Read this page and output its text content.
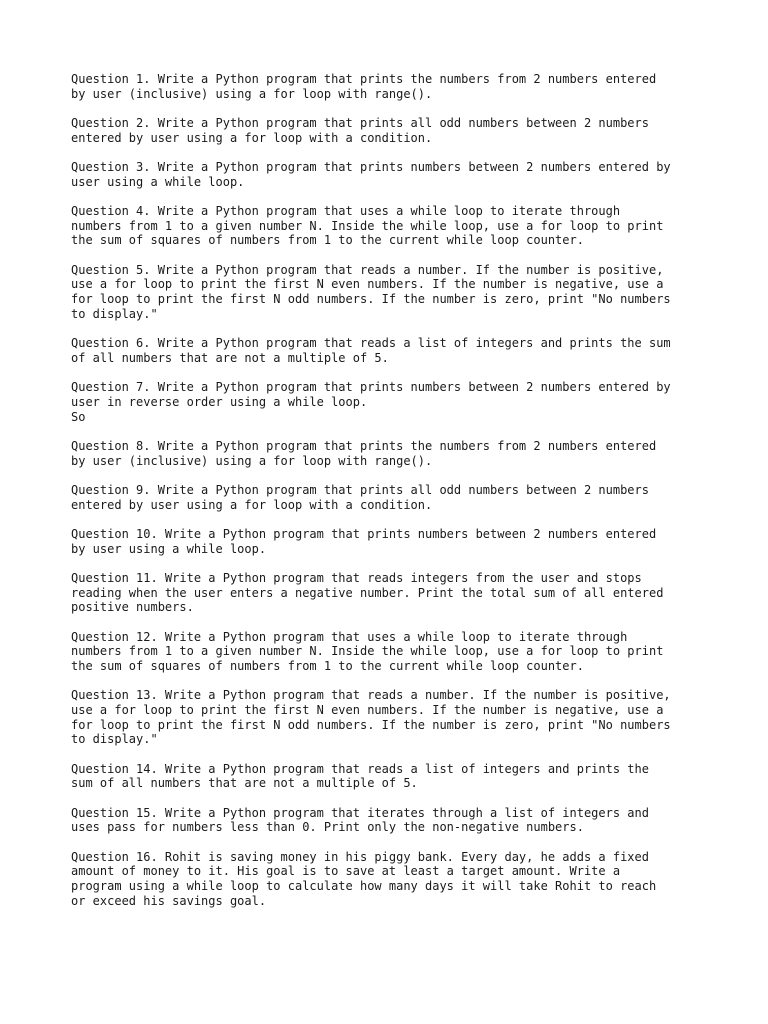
Question 1. Write a Python program that prints the numbers from 2 numbers entered
by user (inclusive) using a for loop with range().

Question 2. Write a Python program that prints all odd numbers between 2 numbers
entered by user using a for loop with a condition.

Question 3. Write a Python program that prints numbers between 2 numbers entered by
user using a while loop.

Question 4. Write a Python program that uses a while loop to iterate through
numbers from 1 to a given number N. Inside the while loop, use a for loop to print
the sum of squares of numbers from 1 to the current while loop counter.

Question 5. Write a Python program that reads a number. If the number is positive,
use a for loop to print the first N even numbers. If the number is negative, use a
for loop to print the first N odd numbers. If the number is zero, print "No numbers
to display."

Question 6. Write a Python program that reads a list of integers and prints the sum
of all numbers that are not a multiple of 5.

Question 7. Write a Python program that prints numbers between 2 numbers entered by
user in reverse order using a while loop.
So

Question 8. Write a Python program that prints the numbers from 2 numbers entered
by user (inclusive) using a for loop with range().

Question 9. Write a Python program that prints all odd numbers between 2 numbers
entered by user using a for loop with a condition.

Question 10. Write a Python program that prints numbers between 2 numbers entered
by user using a while loop.

Question 11. Write a Python program that reads integers from the user and stops
reading when the user enters a negative number. Print the total sum of all entered
positive numbers.

Question 12. Write a Python program that uses a while loop to iterate through
numbers from 1 to a given number N. Inside the while loop, use a for loop to print
the sum of squares of numbers from 1 to the current while loop counter.

Question 13. Write a Python program that reads a number. If the number is positive,
use a for loop to print the first N even numbers. If the number is negative, use a
for loop to print the first N odd numbers. If the number is zero, print "No numbers
to display."

Question 14. Write a Python program that reads a list of integers and prints the
sum of all numbers that are not a multiple of 5.

Question 15. Write a Python program that iterates through a list of integers and
uses pass for numbers less than 0. Print only the non-negative numbers.

Question 16. Rohit is saving money in his piggy bank. Every day, he adds a fixed
amount of money to it. His goal is to save at least a target amount. Write a
program using a while loop to calculate how many days it will take Rohit to reach
or exceed his savings goal.
